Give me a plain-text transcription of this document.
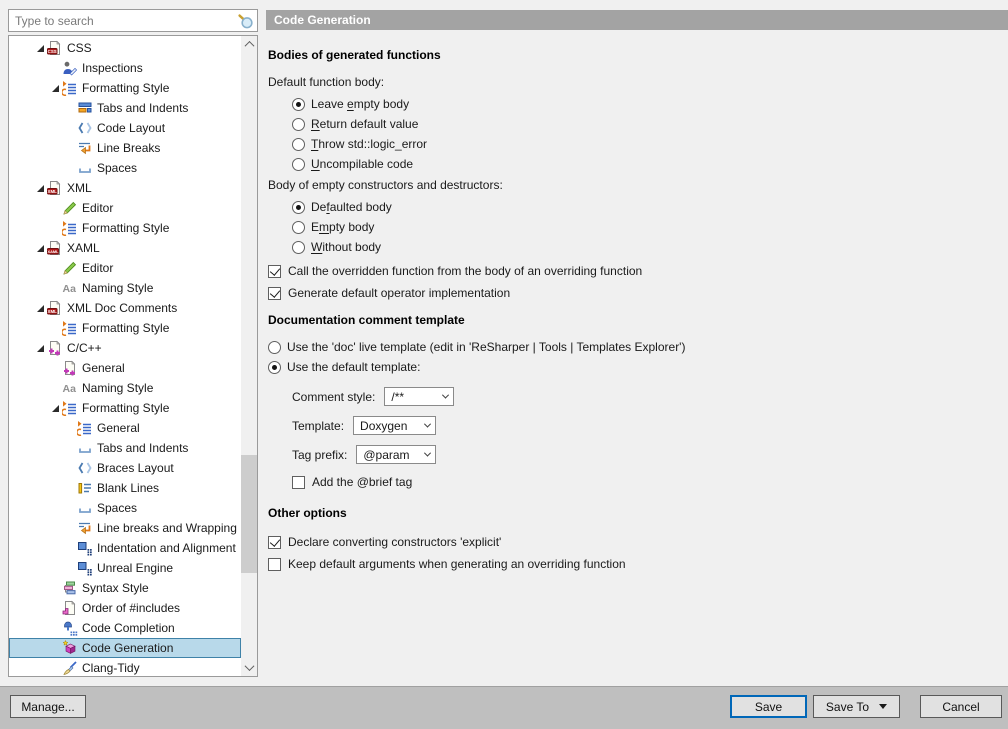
Type to search
CSS CSS
Inspections
Formatting Style
Tabs and Indents
Code Layout
Line Breaks
Spaces
XML XML
Editor
Formatting Style
XAML XAML
Editor
Aa Naming Style
XML XML Doc Comments
Formatting Style
C/C++
General
Aa Naming Style
Formatting Style
General
Tabs and Indents
Braces Layout
Blank Lines
Spaces
Line breaks and Wrapping
Indentation and Alignment
Unreal Engine
Syntax Style
Order of #includes
Code Completion
Code Generation
Clang-Tidy
Code Generation
Bodies of generated functions
Default function body:
Leave empty body
Return default value
Throw std::logic_error
Uncompilable code
Body of empty constructors and destructors:
Defaulted body
Empty body
Without body
Call the overridden function from the body of an overriding function
Generate default operator implementation
Documentation comment template
Use the 'doc' live template (edit in 'ReSharper | Tools | Templates Explorer')
Use the default template:
Comment style: /**
Template: Doxygen
Tag prefix: @param
Add the @brief tag
Other options
Declare converting constructors 'explicit'
Keep default arguments when generating an overriding function
Manage...	Save	Save To	Cancel
